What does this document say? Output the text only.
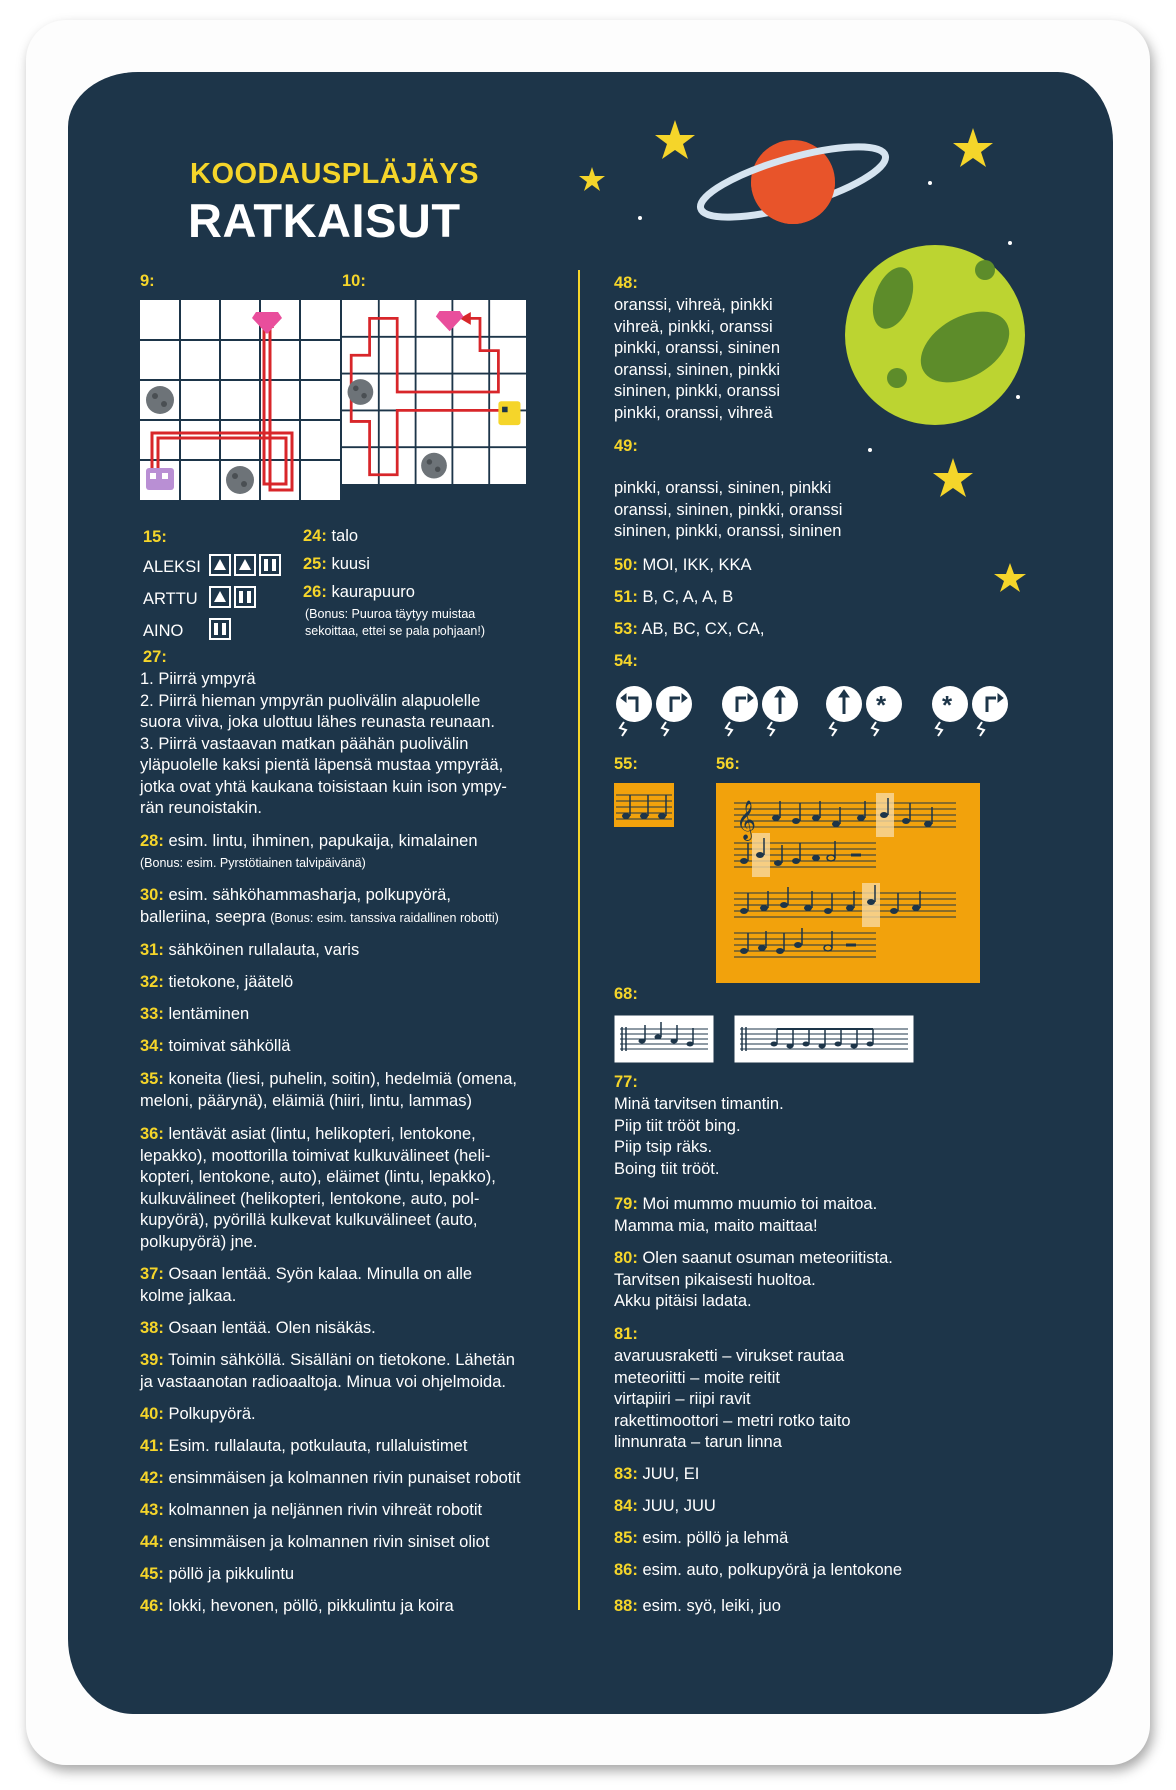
KOODAUSPLÄJÄYS
RATKAISUT
9:	10:
15:
ALEKSI
ARTTU
AINO
24: talo
25: kuusi
26: kaurapuuro
(Bonus: Puuroa täytyy muistaa
sekoittaa, ettei se pala pohjaan!)
27:
1. Piirrä ympyrä
2. Piirrä hieman ympyrän puolivälin alapuolelle
suora viiva, joka ulottuu lähes reunasta reunaan.
3. Piirrä vastaavan matkan päähän puolivälin
yläpuolelle kaksi pientä läpensä mustaa ympyrää,
jotka ovat yhtä kaukana toisistaan kuin ison ympy-
rän reunoistakin.
28: esim. lintu, ihminen, papukaija, kimalainen
(Bonus: esim. Pyrstötiainen talvipäivänä)
30: esim. sähköhammasharja, polkupyörä,
balleriina, seepra (Bonus: esim. tanssiva raidallinen robotti)
31: sähköinen rullalauta, varis
32: tietokone, jäätelö
33: lentäminen
34: toimivat sähköllä
35: koneita (liesi, puhelin, soitin), hedelmiä (omena,
meloni, päärynä), eläimiä (hiiri, lintu, lammas)
36: lentävät asiat (lintu, helikopteri, lentokone,
lepakko), moottorilla toimivat kulkuvälineet (heli-
kopteri, lentokone, auto), eläimet (lintu, lepakko),
kulkuvälineet (helikopteri, lentokone, auto, pol-
kupyörä), pyörillä kulkevat kulkuvälineet (auto,
polkupyörä) jne.
37: Osaan lentää. Syön kalaa. Minulla on alle
kolme jalkaa.
38: Osaan lentää. Olen nisäkäs.
39: Toimin sähköllä. Sisälläni on tietokone. Lähetän
ja vastaanotan radioaaltoja. Minua voi ohjelmoida.
40: Polkupyörä.
41: Esim. rullalauta, potkulauta, rullaluistimet
42: ensimmäisen ja kolmannen rivin punaiset robotit
43: kolmannen ja neljännen rivin vihreät robotit
44: ensimmäisen ja kolmannen rivin siniset oliot
45: pöllö ja pikkulintu
46: lokki, hevonen, pöllö, pikkulintu ja koira
48:
oranssi, vihreä, pinkki
vihreä, pinkki, oranssi
pinkki, oranssi, sininen
oranssi, sininen, pinkki
sininen, pinkki, oranssi
pinkki, oranssi, vihreä
49:
pinkki, oranssi, sininen, pinkki
oranssi, sininen, pinkki, oranssi
sininen, pinkki, oranssi, sininen
50: MOI, IKK, KKA
51: B, C, A, A, B
53: AB, BC, CX, CA,
54:
* *
55:	56:
𝄞
68:
77:
Minä tarvitsen timantin.
Piip tiit trööt bing.
Piip tsip räks.
Boing tiit trööt.
79: Moi mummo muumio toi maitoa.
Mamma mia, maito maittaa!
80: Olen saanut osuman meteoriitista.
Tarvitsen pikaisesti huoltoa.
Akku pitäisi ladata.
81:
avaruusraketti – virukset rautaa
meteoriitti – moite reitit
virtapiiri – riipi ravit
rakettimoottori – metri rotko taito
linnunrata – tarun linna
83: JUU, EI
84: JUU, JUU
85: esim. pöllö ja lehmä
86: esim. auto, polkupyörä ja lentokone
88: esim. syö, leiki, juo
